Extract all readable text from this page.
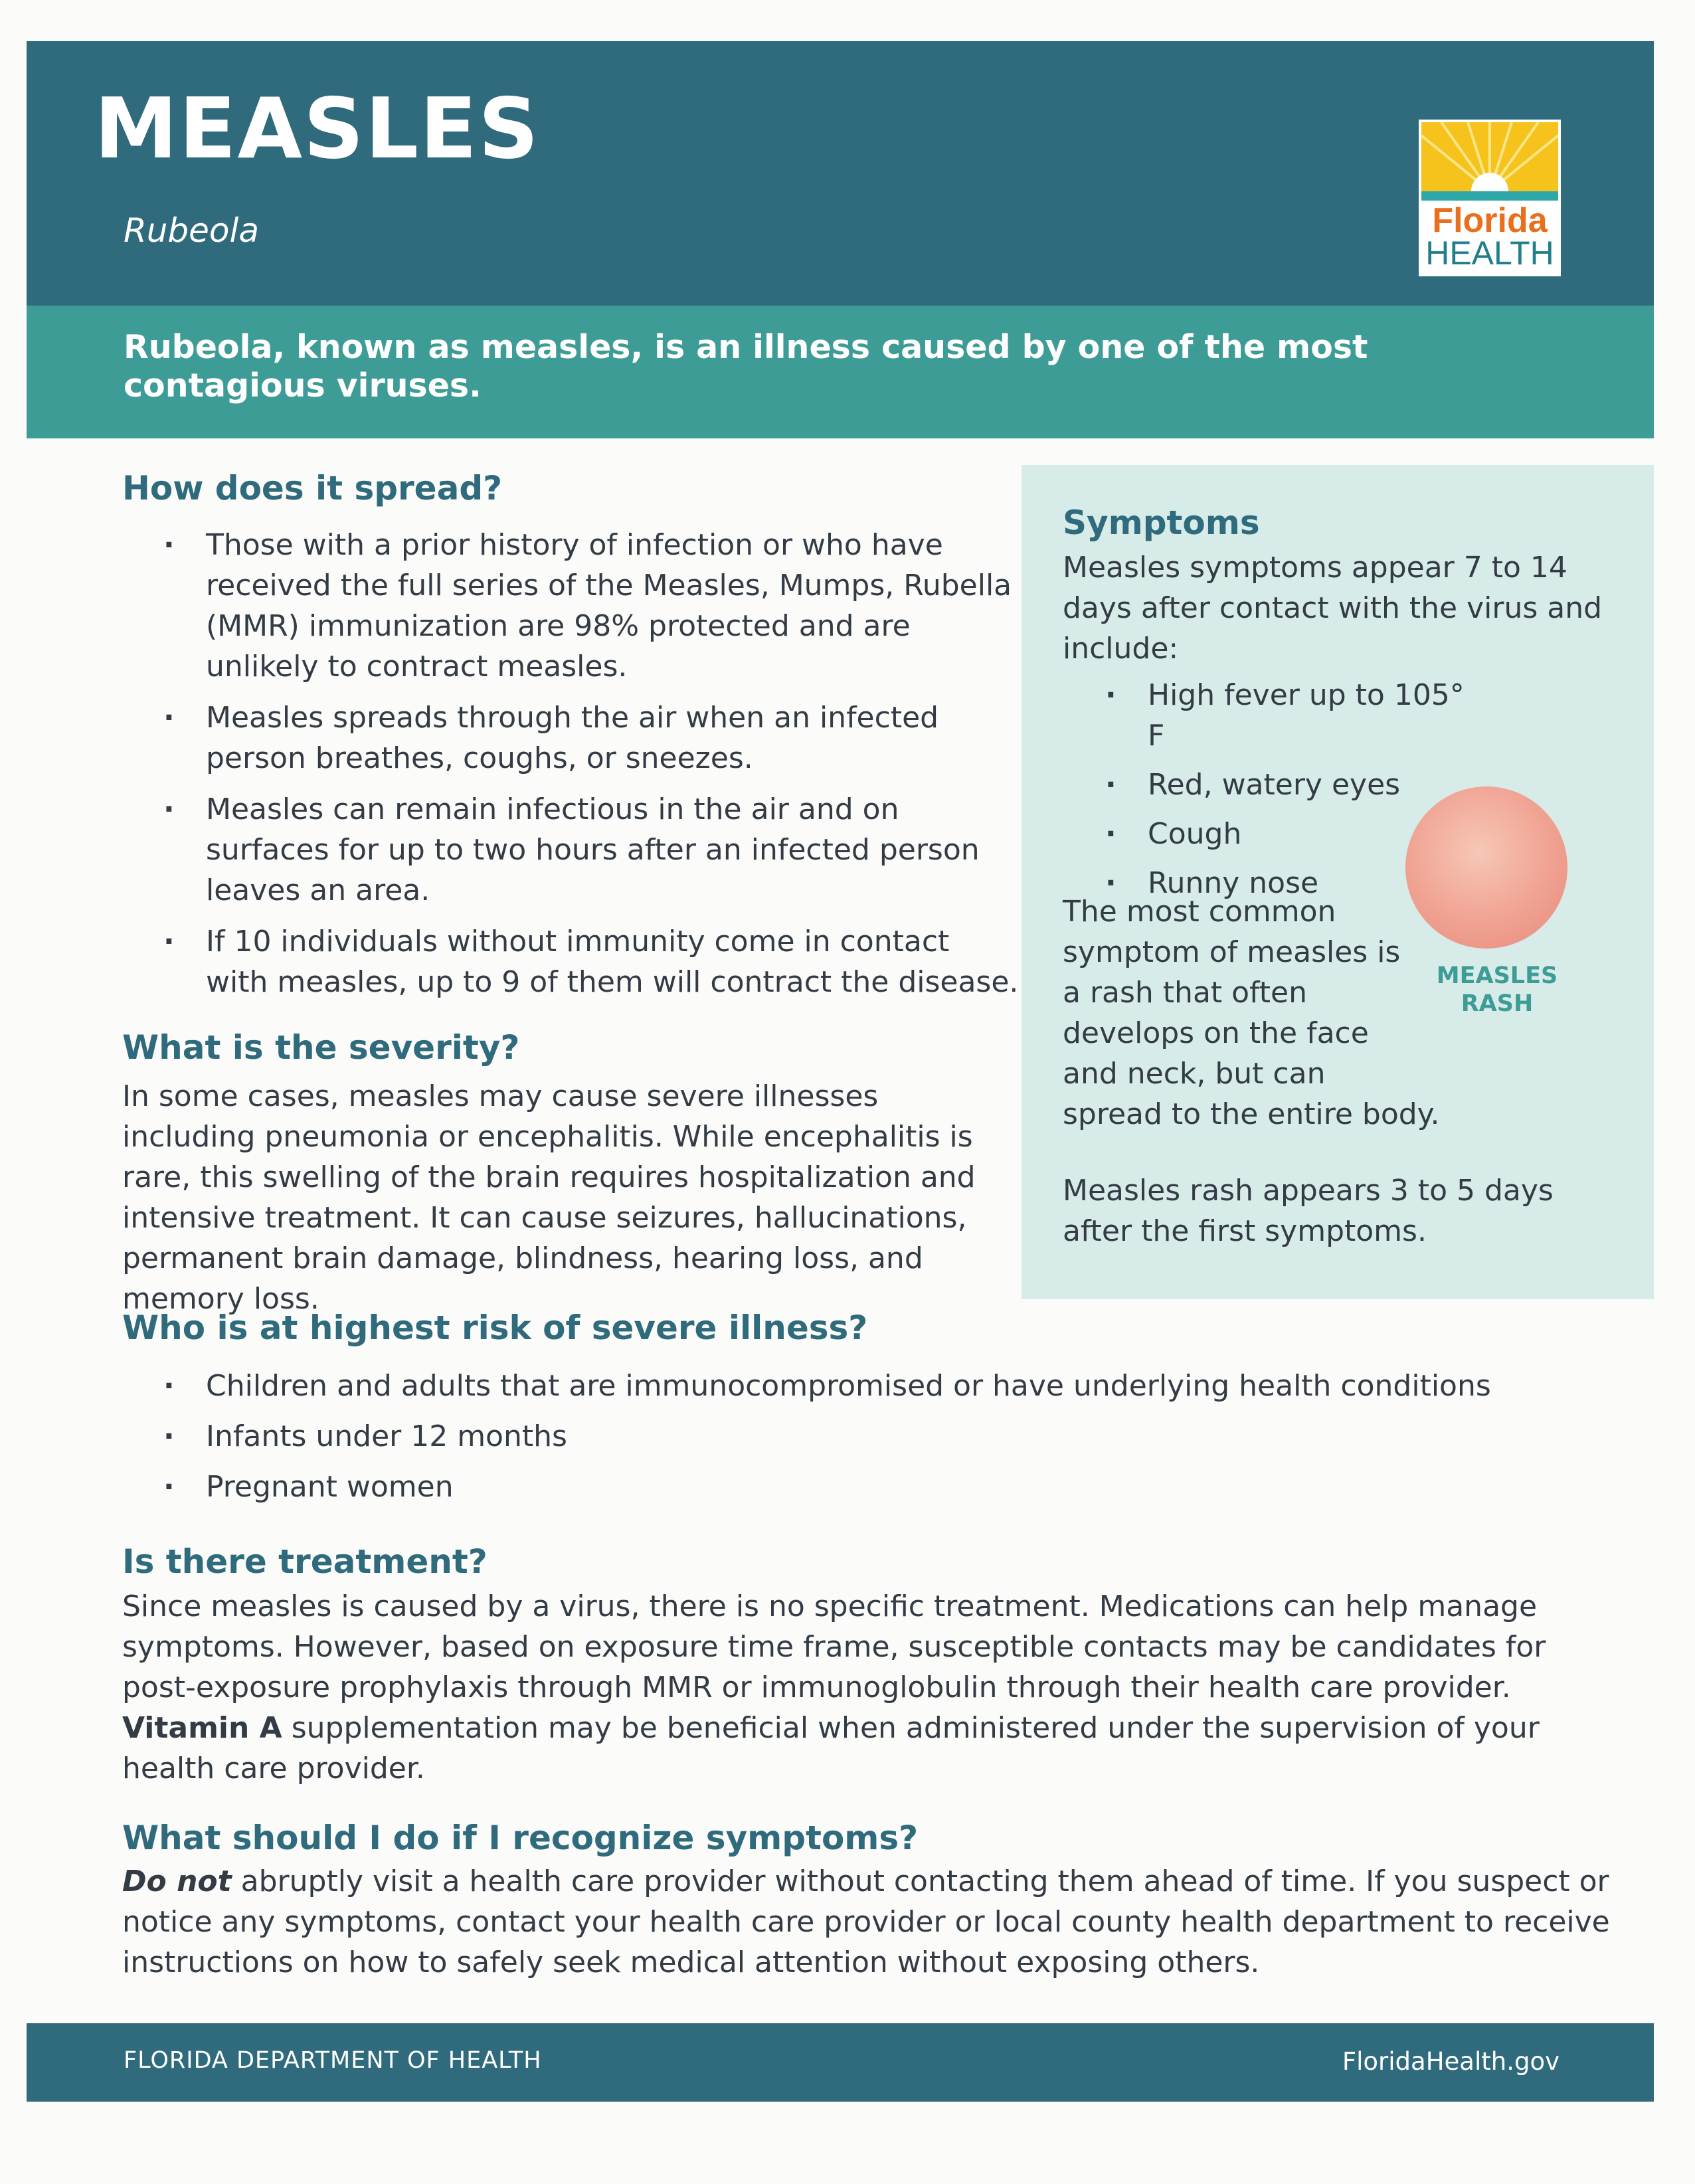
MEASLES
Rubeola	Florida
HEALTH
Rubeola, known as measles, is an illness caused by one of the most contagious viruses.
How does it spread?
· Those with a prior history of infection or who have received the full series of the Measles, Mumps, Rubella (MMR) immunization are 98% protected and are unlikely to contract measles.
· Measles spreads through the air when an infected person breathes, coughs, or sneezes.
· Measles can remain infectious in the air and on surfaces for up to two hours after an infected person leaves an area.
· If 10 individuals without immunity come in contact with measles, up to 9 of them will contract the disease.
What is the severity?

In some cases, measles may cause severe illnesses including pneumonia or encephalitis. While encephalitis is rare, this swelling of the brain requires hospitalization and intensive treatment. It can cause seizures, hallucinations, permanent brain damage, blindness, hearing loss, and memory loss.

Symptoms

Measles symptoms appear 7 to 14 days after contact with the virus and include:

· High fever up to 105° F
· Red, watery eyes
· Cough
· Runny nose
MEASLES RASH

The most common symptom of measles is a rash that often develops on the face and neck, but can spread to the entire body.

Measles rash appears 3 to 5 days after the first symptoms.

Who is at highest risk of severe illness?
· Children and adults that are immunocompromised or have underlying health conditions
· Infants under 12 months
· Pregnant women
Is there treatment?

Since measles is caused by a virus, there is no specific treatment. Medications can help manage symptoms. However, based on exposure time frame, susceptible contacts may be candidates for post-exposure prophylaxis through MMR or immunoglobulin through their health care provider.
Vitamin A supplementation may be beneficial when administered under the supervision of your health care provider.

What should I do if I recognize symptoms?

Do not abruptly visit a health care provider without contacting them ahead of time. If you suspect or notice any symptoms, contact your health care provider or local county health department to receive instructions on how to safely seek medical attention without exposing others.

FLORIDA DEPARTMENT OF HEALTH	FloridaHealth.gov
